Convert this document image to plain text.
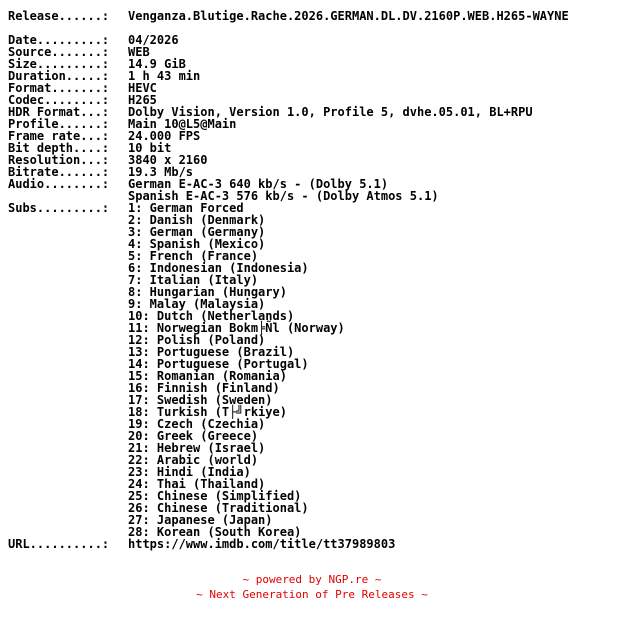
Release......: Venganza.Blutige.Rache.2026.GERMAN.DL.DV.2160P.WEB.H265-WAYNE
Date.........: 04/2026
Source.......: WEB
Size.........: 14.9 GiB
Duration.....: 1 h 43 min
Format.......: HEVC
Codec........: H265
HDR Format...: Dolby Vision, Version 1.0, Profile 5, dvhe.05.01, BL+RPU
Profile......: Main 10@L5@Main
Frame rate...: 24.000 FPS
Bit depth....: 10 bit
Resolution...: 3840 x 2160
Bitrate......: 19.3 Mb/s
Audio........: German E-AC-3 640 kb/s - (Dolby 5.1)
Spanish E-AC-3 576 kb/s - (Dolby Atmos 5.1)
Subs.........: 1: German Forced
2: Danish (Denmark)
3: German (Germany)
4: Spanish (Mexico)
5: French (France)
6: Indonesian (Indonesia)
7: Italian (Italy)
8: Hungarian (Hungary)
9: Malay (Malaysia)
10: Dutch (Netherlands)
11: Norwegian Bokm╞Ñl (Norway)
12: Polish (Poland)
13: Portuguese (Brazil)
14: Portuguese (Portugal)
15: Romanian (Romania)
16: Finnish (Finland)
17: Swedish (Sweden)
18: Turkish (T├╝rkiye)
19: Czech (Czechia)
20: Greek (Greece)
21: Hebrew (Israel)
22: Arabic (world)
23: Hindi (India)
24: Thai (Thailand)
25: Chinese (Simplified)
26: Chinese (Traditional)
27: Japanese (Japan)
28: Korean (South Korea)
URL..........: https://www.imdb.com/title/tt37989803
~ powered by NGP.re ~
~ Next Generation of Pre Releases ~
